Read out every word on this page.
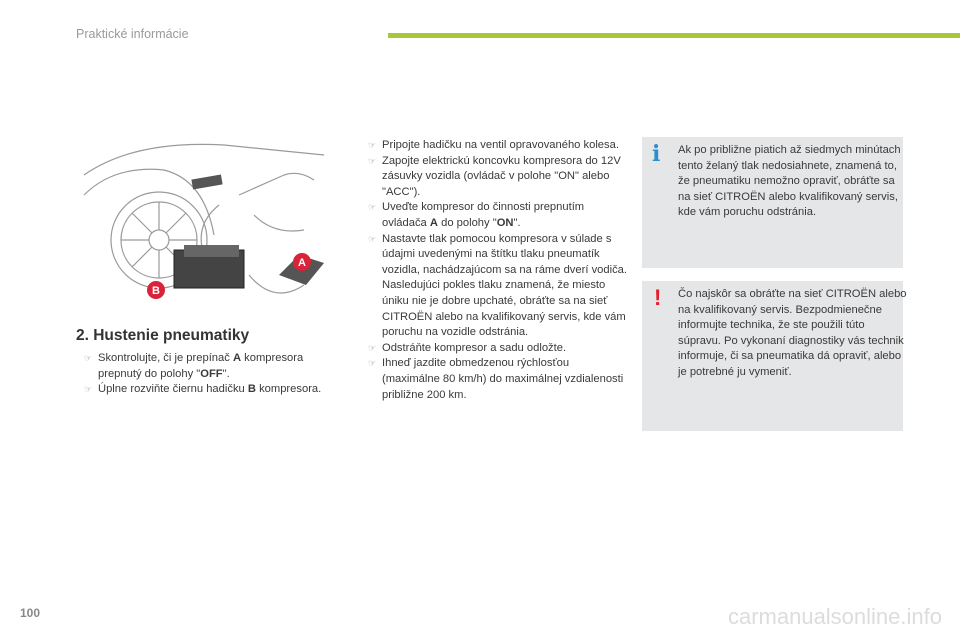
Praktické informácie
A
B
2. Hustenie pneumatiky
☞ Skontrolujte, či je prepínač A kompresora prepnutý do polohy "OFF".
☞ Úplne rozviňte čiernu hadičku B kompresora.
☞ Pripojte hadičku na ventil opravovaného kolesa.
☞ Zapojte elektrickú koncovku kompresora do 12V zásuvky vozidla (ovládač v polohe "ON" alebo "ACC").
☞ Uveďte kompresor do činnosti prepnutím ovládača A do polohy "ON".
☞ Nastavte tlak pomocou kompresora v súlade s údajmi uvedenými na štítku tlaku pneumatík vozidla, nachádzajúcom sa na ráme dverí vodiča.
Nasledujúci pokles tlaku znamená, že miesto úniku nie je dobre upchaté, obráťte sa na sieť CITROËN alebo na kvalifikovaný servis, kde vám poruchu na vozidle odstránia.
☞ Odstráňte kompresor a sadu odložte.
☞ Ihneď jazdite obmedzenou rýchlosťou (maximálne 80 km/h) do maximálnej vzdialenosti približne 200 km.
i Ak po približne piatich až siedmych minútach tento želaný tlak nedosiahnete, znamená to, že pneumatiku nemožno opraviť, obráťte sa na sieť CITROËN alebo kvalifikovaný servis, kde vám poruchu odstránia.
! Čo najskôr sa obráťte na sieť CITROËN alebo na kvalifikovaný servis. Bezpodmienečne informujte technika, že ste použili túto súpravu. Po vykonaní diagnostiky vás technik informuje, či sa pneumatika dá opraviť, alebo je potrebné ju vymeniť.
100	carmanualsonline.info
